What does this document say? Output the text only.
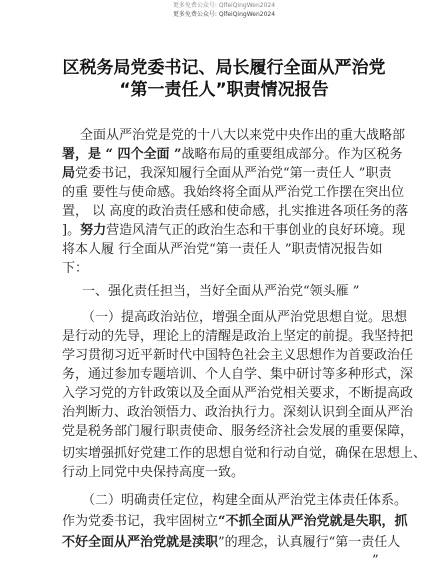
更多免费公众号: QlfeiQingWen2024
更多免费公众号: QlfeiQingWen2024
区税务局党委书记、局长履行全面从严治党
“第一责任人”职责情况报告
全面从严治党是党的十八大以来党中央作出的重大战略部
署，是 “ 四个全面 ”战略布局的重要组成部分。作为区税务
局党委书记，我深知履行全面从严治党“第一责任人 ”职责
的重 要性与使命感。我始终将全面从严治党工作摆在突出位
置， 以 高度的政治责任感和使命感，扎实推进各项任务的落
]。努力营造风清气正的政治生态和干事创业的良好环境。现
将本人履 行全面从严治党“第一责任人 ”职责情况报告如
下：
一、强化责任担当，当好全面从严治党“领头雁 ”
（一）提高政治站位，增强全面从严治党思想自觉。思想
是行动的先导，理论上的清醒是政治上坚定的前提。我坚持把
学习贯彻习近平新时代中国特色社会主义思想作为首要政治任
务，通过参加专题培训、个人自学、集中研讨等多种形式，深
入学习党的方针政策以及全面从严治党相关要求，不断提高政
治判断力、政治领悟力、政治执行力。深刻认识到全面从严治
党是税务部门履行职责使命、服务经济社会发展的重要保障，
切实增强抓好党建工作的思想自觉和行动自觉，确保在思想上、
行动上同党中央保持高度一致。
（二）明确责任定位，构建全面从严治党主体责任体系。
作为党委书记，我牢固树立“不抓全面从严治党就是失职，抓
不好全面从严治党就是渎职”的理念，认真履行“第一责任人
”
